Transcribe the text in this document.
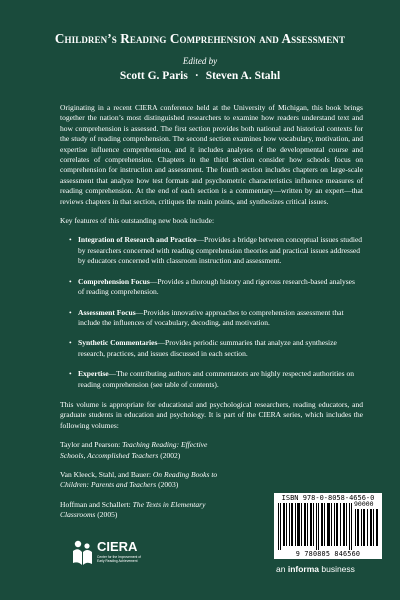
Children’s Reading Comprehension and Assessment
Edited by
Scott G. Paris · Steven A. Stahl

Originating in a recent CIERA conference held at the University of Michigan, this book brings together the nation’s most distinguished researchers to examine how readers understand text and how comprehension is assessed. The first section provides both national and historical contexts for the study of reading comprehension. The second section examines how vocabulary, motivation, and expertise influence comprehension, and it includes analyses of the developmental course and correlates of comprehension. Chapters in the third section consider how schools focus on comprehension for instruction and assessment. The fourth section includes chapters on large-scale assessment that analyze how test formats and psychometric characteristics influence measures of reading comprehension. At the end of each section is a commentary—written by an expert—that reviews chapters in that section, critiques the main points, and synthesizes critical issues.

Key features of this outstanding new book include:

• Integration of Research and Practice—Provides a bridge between conceptual issues studied by researchers concerned with reading comprehension theories and practical issues addressed by educators concerned with classroom instruction and assessment.
• Comprehension Focus—Provides a thorough history and rigorous research-based analyses of reading comprehension.
• Assessment Focus—Provides innovative approaches to comprehension assessment that include the influences of vocabulary, decoding, and motivation.
• Synthetic Commentaries—Provides periodic summaries that analyze and synthesize research, practices, and issues discussed in each section.
• Expertise—The contributing authors and commentators are highly respected authorities on reading comprehension (see table of contents).

This volume is appropriate for educational and psychological researchers, reading educators, and graduate students in education and psychology. It is part of the CIERA series, which includes the following volumes:

Taylor and Pearson: Teaching Reading: Effective Schools, Accomplished Teachers (2002)

Van Kleeck, Stahl, and Bauer: On Reading Books to Children: Parents and Teachers (2003)

Hoffman and Schallert: The Texts in Elementary Classrooms (2005)

CIERA
Center for the Improvement of Early Reading Achievement
ISBN 978-0-8058-4656-0
90000
9 780805 846560
an informa business
